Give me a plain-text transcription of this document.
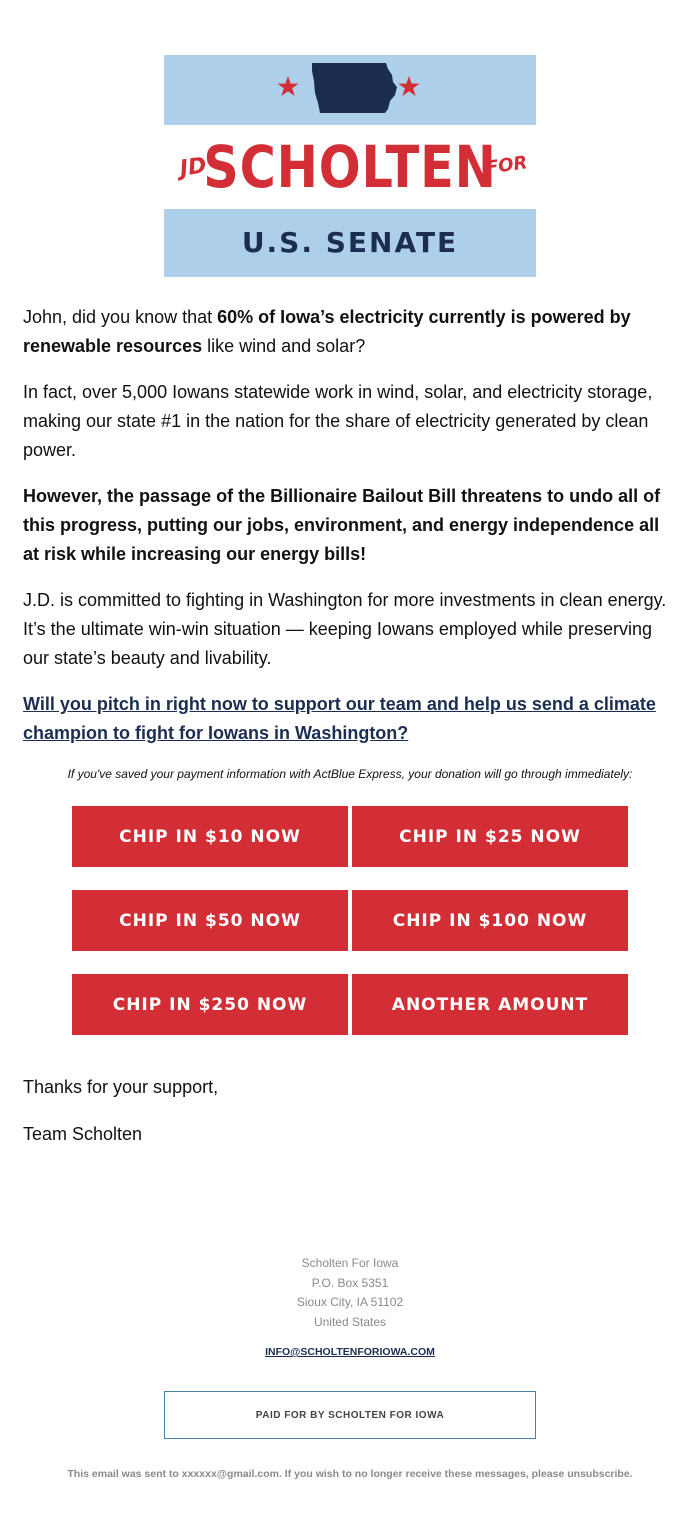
JD
SCHOLTEN
FOR
U.S. SENATE

John, did you know that 60% of Iowa’s electricity currently is powered by renewable resources like wind and solar?

In fact, over 5,000 Iowans statewide work in wind, solar, and electricity storage, making our state #1 in the nation for the share of electricity generated by clean power.

However, the passage of the Billionaire Bailout Bill threatens to undo all of this progress, putting our jobs, environment, and energy independence all at risk while increasing our energy bills!

J.D. is committed to fighting in Washington for more investments in clean energy. It’s the ultimate win-win situation — keeping Iowans employed while preserving our state’s beauty and livability.

Will you pitch in right now to support our team and help us send a climate champion to fight for Iowans in Washington?

If you've saved your payment information with ActBlue Express, your donation will go through immediately:
CHIP IN $10 NOW	CHIP IN $25 NOW
CHIP IN $50 NOW	CHIP IN $100 NOW
CHIP IN $250 NOW	ANOTHER AMOUNT
Thanks for your support,
Team Scholten
Scholten For Iowa
P.O. Box 5351
Sioux City, IA 51102
United States
INFO@SCHOLTENFORIOWA.COM
PAID FOR BY SCHOLTEN FOR IOWA
This email was sent to xxxxxx@gmail.com. If you wish to no longer receive these messages, please unsubscribe.
